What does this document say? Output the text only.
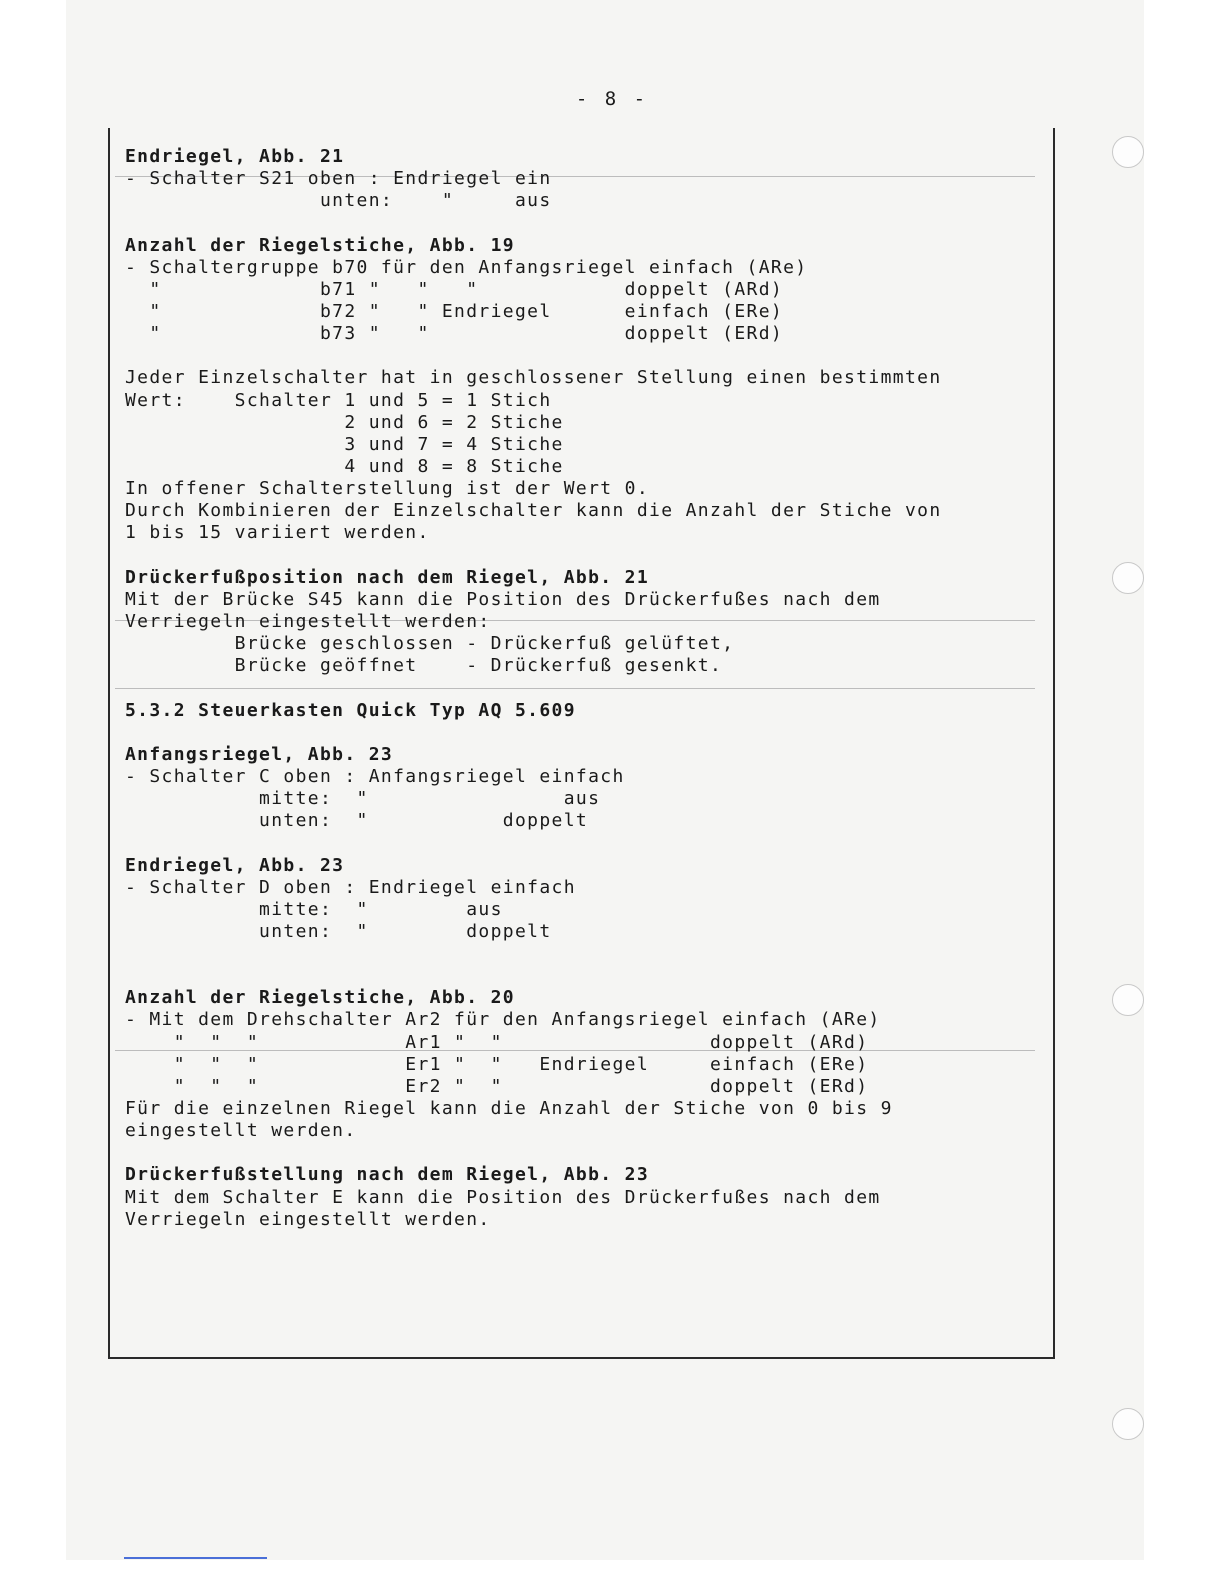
- 8 -
Endriegel, Abb. 21
- Schalter S21 oben : Endriegel ein
unten:    "     aus
Anzahl der Riegelstiche, Abb. 19
- Schaltergruppe b70 für den Anfangsriegel einfach (ARe)
"             b71 "   "   "            doppelt (ARd)
"             b72 "   " Endriegel      einfach (ERe)
"             b73 "   "                doppelt (ERd)
Jeder Einzelschalter hat in geschlossener Stellung einen bestimmten
Wert:    Schalter 1 und 5 = 1 Stich
2 und 6 = 2 Stiche
3 und 7 = 4 Stiche
4 und 8 = 8 Stiche
In offener Schalterstellung ist der Wert 0.
Durch Kombinieren der Einzelschalter kann die Anzahl der Stiche von
1 bis 15 variiert werden.
Drückerfußposition nach dem Riegel, Abb. 21
Mit der Brücke S45 kann die Position des Drückerfußes nach dem
Verriegeln eingestellt werden:
Brücke geschlossen - Drückerfuß gelüftet,
Brücke geöffnet    - Drückerfuß gesenkt.
5.3.2 Steuerkasten Quick Typ AQ 5.609
Anfangsriegel, Abb. 23
- Schalter C oben : Anfangsriegel einfach
mitte:  "                aus
unten:  "           doppelt
Endriegel, Abb. 23
- Schalter D oben : Endriegel einfach
mitte:  "        aus
unten:  "        doppelt
Anzahl der Riegelstiche, Abb. 20
- Mit dem Drehschalter Ar2 für den Anfangsriegel einfach (ARe)
"  "  "            Ar1 "  "                 doppelt (ARd)
"  "  "            Er1 "  "   Endriegel     einfach (ERe)
"  "  "            Er2 "  "                 doppelt (ERd)
Für die einzelnen Riegel kann die Anzahl der Stiche von 0 bis 9
eingestellt werden.
Drückerfußstellung nach dem Riegel, Abb. 23
Mit dem Schalter E kann die Position des Drückerfußes nach dem
Verriegeln eingestellt werden.
